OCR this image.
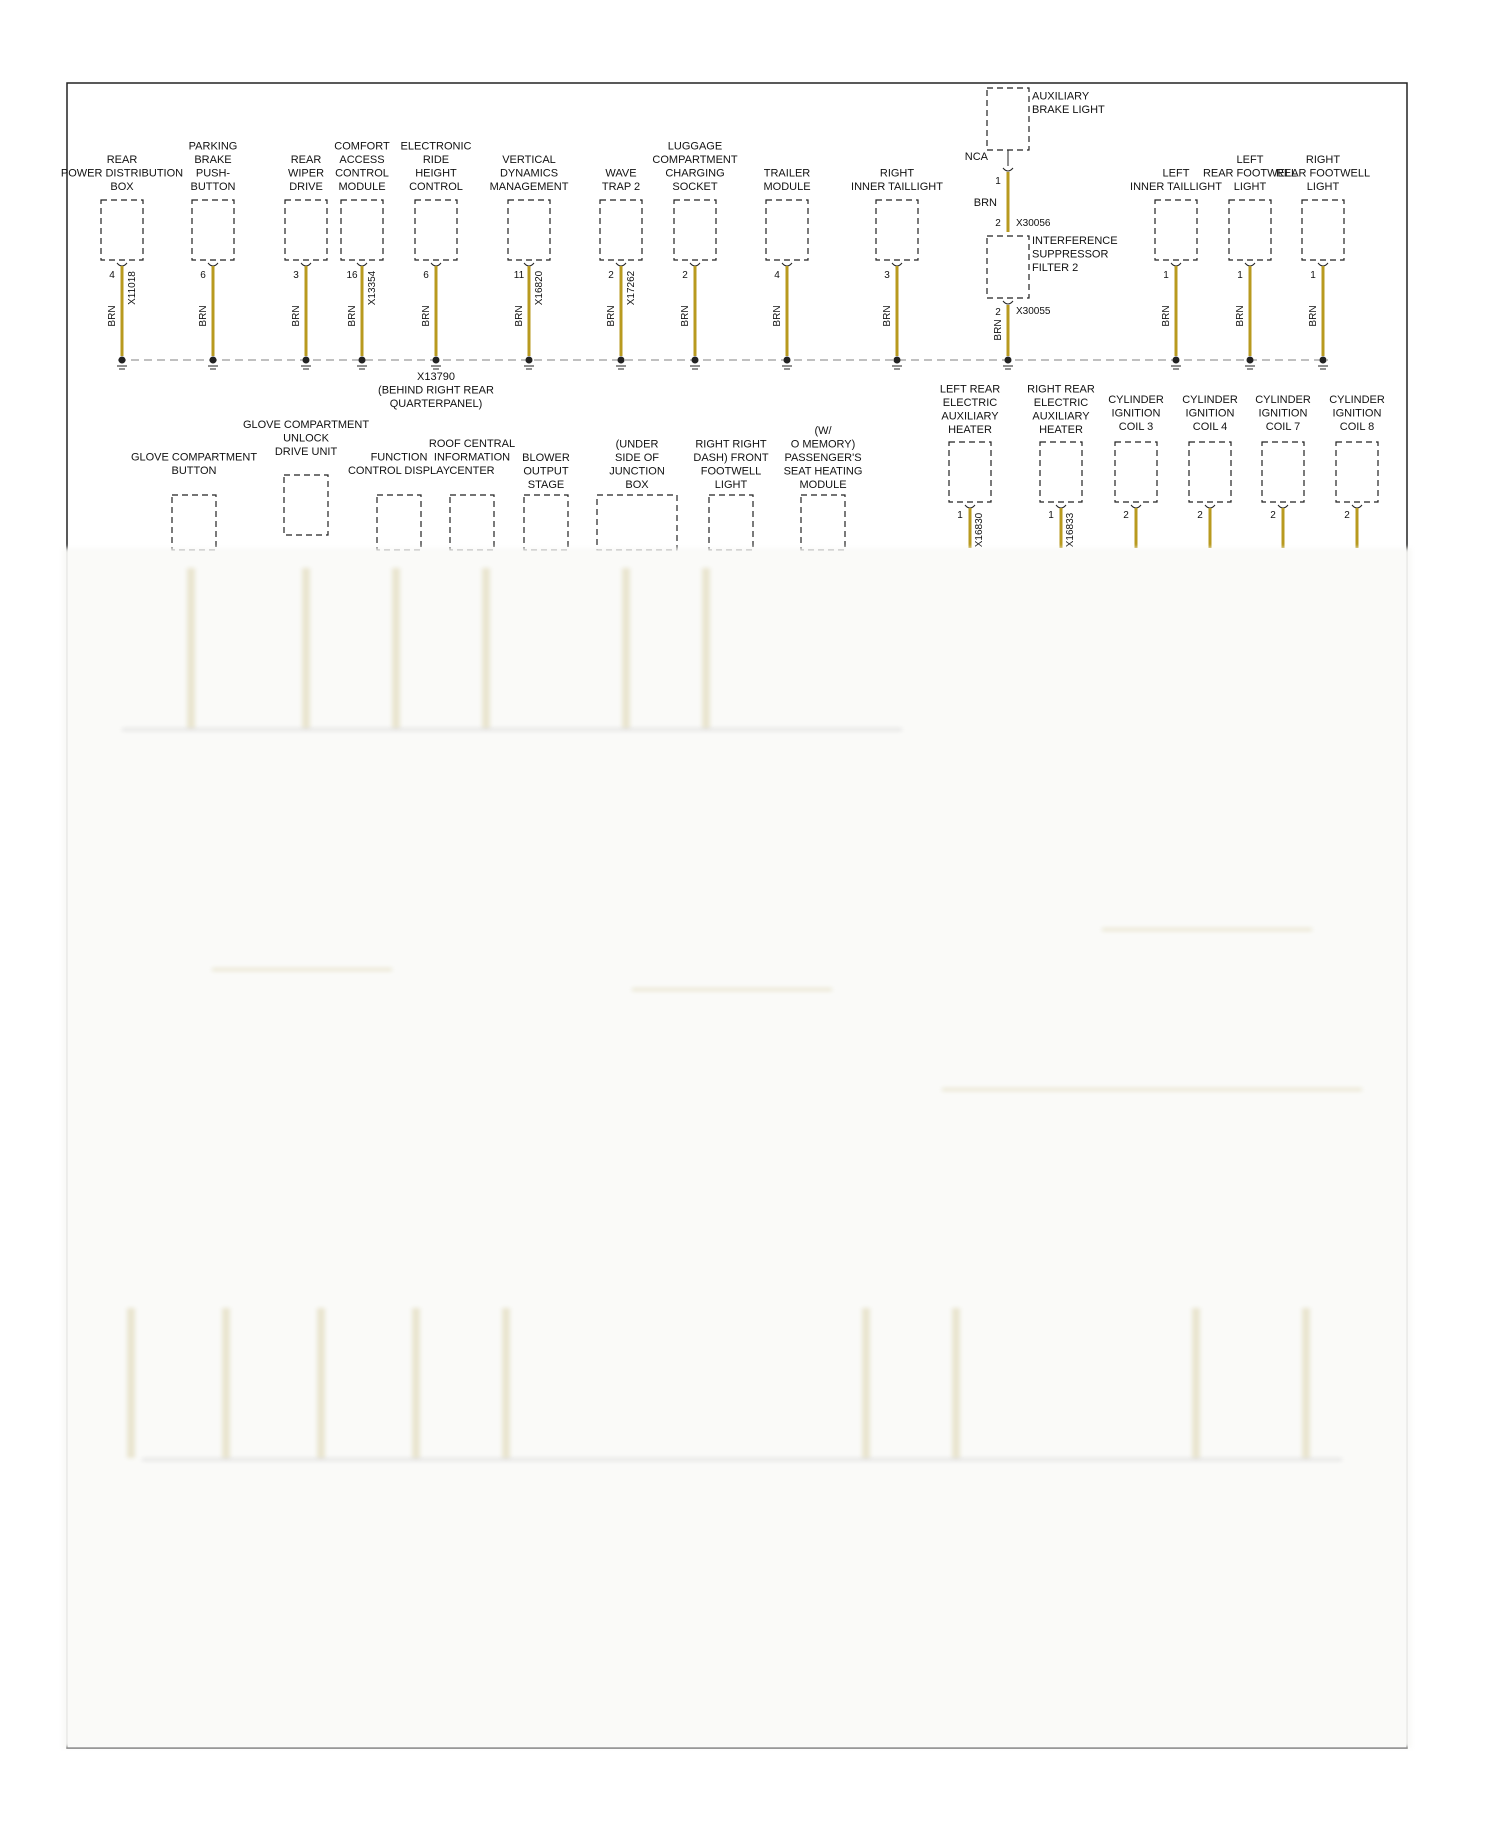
REAR
POWER DISTRIBUTION
BOX
4
BRN
X11018
PARKING
BRAKE
PUSH-
BUTTON
6
BRN
REAR
WIPER
DRIVE
3
BRN
COMFORT
ACCESS
CONTROL
MODULE
16
BRN
X13354
ELECTRONIC
RIDE
HEIGHT
CONTROL
6
BRN
VERTICAL
DYNAMICS
MANAGEMENT
11
BRN
X16820
WAVE
TRAP 2
2
BRN
X17262
LUGGAGE
COMPARTMENT
CHARGING
SOCKET
2
BRN
TRAILER
MODULE
4
BRN
RIGHT
INNER TAILLIGHT
3
BRN
LEFT
INNER TAILLIGHT
1
BRN
LEFT
REAR FOOTWELL
LIGHT
1
BRN
RIGHT
REAR FOOTWELL
LIGHT
1
BRN
AUXILIARY
BRAKE LIGHT
NCA
1
BRN
2 X30056
INTERFERENCE
SUPPRESSOR
FILTER 2
2 X30055
BRN
X13790
(BEHIND RIGHT REAR
QUARTERPANEL)
GLOVE COMPARTMENT
BUTTON
GLOVE COMPARTMENT
UNLOCK
DRIVE UNIT	FUNCTION
CONTROL DISPLAY
ROOF CENTRAL
INFORMATION
CENTER
BLOWER
OUTPUT
STAGE
(UNDER
SIDE OF
JUNCTION
BOX
RIGHT RIGHT
DASH) FRONT
FOOTWELL
LIGHT
(W/
O MEMORY)
PASSENGER'S
SEAT HEATING
MODULE
LEFT REAR
ELECTRIC
AUXILIARY
HEATER
1 X16830
RIGHT REAR
ELECTRIC
AUXILIARY
HEATER
1 X16833
CYLINDER
IGNITION
COIL 3
2
CYLINDER
IGNITION
COIL 4
2
CYLINDER
IGNITION
COIL 7
2
CYLINDER
IGNITION
COIL 8
2
